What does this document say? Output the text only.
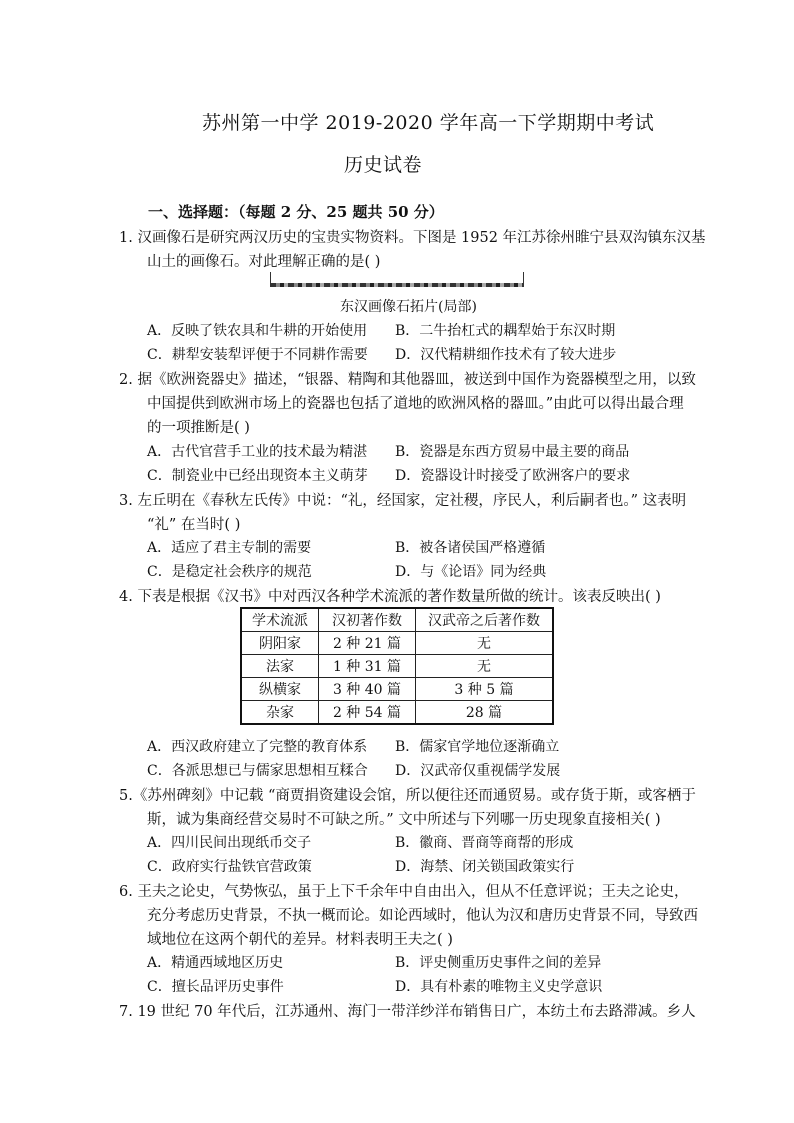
苏州第一中学 2019-2020 学年高一下学期期中考试
历史试卷
一、选择题：（每题 2 分、25 题共 50 分）
1. 汉画像石是研究两汉历史的宝贵实物资料。下图是 1952 年江苏徐州睢宁县双沟镇东汉基
山土的画像石。对此理解正确的是( )
东汉画像石拓片(局部)
A．反映了铁农具和牛耕的开始使用 B．二牛抬杠式的耦犁始于东汉时期
C．耕犁安装犁评便于不同耕作需要 D．汉代精耕细作技术有了较大进步
2. 据《欧洲瓷器史》描述，“银器、精陶和其他器皿，被送到中国作为瓷器模型之用，以致
中国提供到欧洲市场上的瓷器也包括了道地的欧洲风格的器皿。”由此可以得出最合理
的一项推断是( )
A．古代官营手工业的技术最为精湛 B．瓷器是东西方贸易中最主要的商品
C．制瓷业中已经出现资本主义萌芽 D．瓷器设计时接受了欧洲客户的要求
3. 左丘明在《春秋左氏传》中说：“礼，经国家，定社稷，序民人，利后嗣者也。” 这表明
“礼” 在当时( )
A．适应了君主专制的需要	B．被各诸侯国严格遵循
C．是稳定社会秩序的规范	D．与《论语》同为经典
4. 下表是根据《汉书》中对西汉各种学术流派的著作数量所做的统计。该表反映出( )
学术流派	汉初著作数	汉武帝之后著作数
阴阳家	2 种 21 篇	无
法家	1 种 31 篇	无
纵横家	3 种 40 篇	3 种 5 篇
杂家	2 种 54 篇	28 篇
A．西汉政府建立了完整的教育体系 B．儒家官学地位逐渐确立
C．各派思想已与儒家思想相互糅合 D．汉武帝仅重视儒学发展
5.《苏州碑刻》中记载 “商贾捐资建设会馆，所以便往还而通贸易。或存货于斯，或客栖于
斯，诚为集商经营交易时不可缺之所。” 文中所述与下列哪一历史现象直接相关( )
A．四川民间出现纸币交子	B．徽商、晋商等商帮的形成
C．政府实行盐铁官营政策	D．海禁、闭关锁国政策实行
6. 王夫之论史，气势恢弘，虽于上下千余年中自由出入，但从不任意评说；王夫之论史，
充分考虑历史背景，不执一概而论。如论西域时，他认为汉和唐历史背景不同，导致西
域地位在这两个朝代的差异。材料表明王夫之( )
A．精通西域地区历史	B．评史侧重历史事件之间的差异
C．擅长品评历史事件	D．具有朴素的唯物主义史学意识
7. 19 世纪 70 年代后，江苏通州、海门一带洋纱洋布销售日广，本纺土布去路滞减。乡人
